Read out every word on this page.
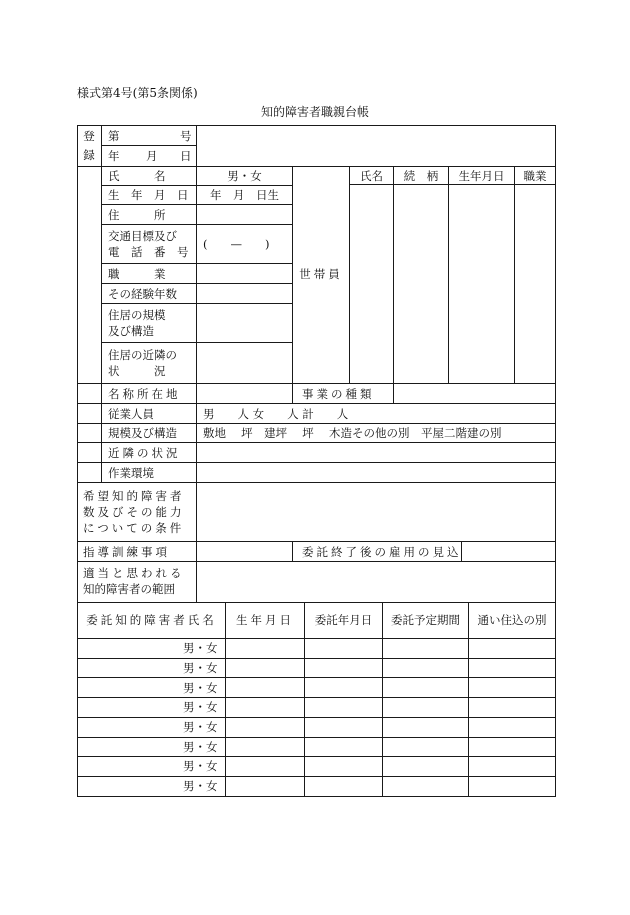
様式第4号(第5条関係)
知的障害者職親台帳
登
録
第	号
年 月 日
氏　　　名	男・女
生　年　月　日	年　月　日生
住　　　所
交通目標及び
電　話　番　号
(　　—　　)
職　　　業
その経験年数
住居の規模
及び構造
住居の近隣の
状　　　況
世帯員
氏名	続　柄	生年月日	職業
名称所在地	事業の種類
従業人員	男　　人 女　　人 計　　人
規模及び構造 敷地　 坪　建坪　 坪　 木造その他の別　平屋二階建の別
近隣の状況
作業環境
希望知的障害者
数及びその能力
についての条件
指導訓練事項	委託終了後の雇用の見込
適当と思われる
知的障害者の範囲
委託知的障害者氏名	生年月日	委託年月日	委託予定期間	通い住込の別
男・女
男・女
男・女
男・女
男・女
男・女
男・女
男・女
